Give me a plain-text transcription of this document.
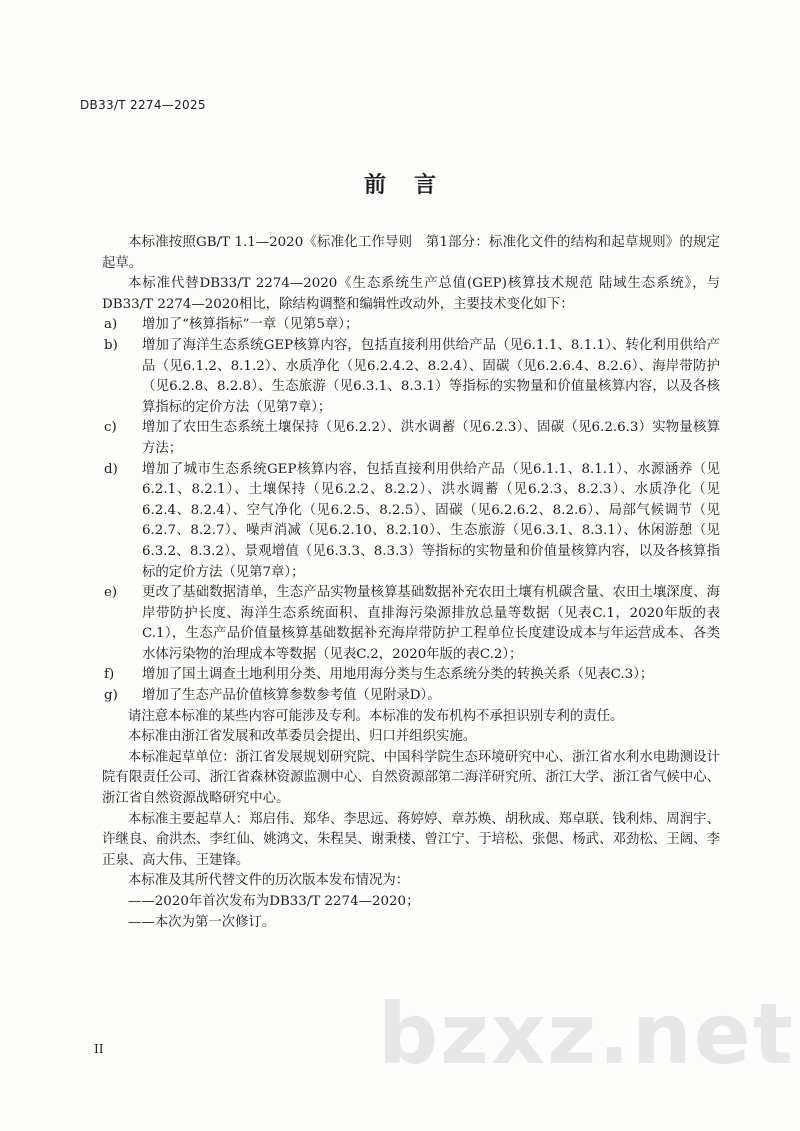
DB33/T 2274—2025
前 言

本标准按照GB/T 1.1—2020《标准化工作导则　第1部分：标准化文件的结构和起草规则》的规定起草。

本标准代替DB33/T 2274—2020《生态系统生产总值(GEP)核算技术规范 陆域生态系统》，与DB33/T 2274—2020相比，除结构调整和编辑性改动外，主要技术变化如下：

a) 增加了“核算指标”一章（见第5章）；
b) 增加了海洋生态系统GEP核算内容，包括直接利用供给产品（见6.1.1、8.1.1）、转化利用供给产品（见6.1.2、8.1.2）、水质净化（见6.2.4.2、8.2.4）、固碳（见6.2.6.4、8.2.6）、海岸带防护（见6.2.8、8.2.8）、生态旅游（见6.3.1、8.3.1）等指标的实物量和价值量核算内容，以及各核算指标的定价方法（见第7章）；
c) 增加了农田生态系统土壤保持（见6.2.2）、洪水调蓄（见6.2.3）、固碳（见6.2.6.3）实物量核算方法；
d) 增加了城市生态系统GEP核算内容，包括直接利用供给产品（见6.1.1、8.1.1）、水源涵养（见6.2.1、8.2.1）、土壤保持（见6.2.2、8.2.2）、洪水调蓄（见6.2.3、8.2.3）、水质净化（见6.2.4、8.2.4）、空气净化（见6.2.5、8.2.5）、固碳（见6.2.6.2、8.2.6）、局部气候调节（见6.2.7、8.2.7）、噪声消减（见6.2.10、8.2.10）、生态旅游（见6.3.1、8.3.1）、休闲游憩（见6.3.2、8.3.2）、景观增值（见6.3.3、8.3.3）等指标的实物量和价值量核算内容，以及各核算指标的定价方法（见第7章）；
e) 更改了基础数据清单，生态产品实物量核算基础数据补充农田土壤有机碳含量、农田土壤深度、海岸带防护长度、海洋生态系统面积、直排海污染源排放总量等数据（见表C.1，2020年版的表C.1），生态产品价值量核算基础数据补充海岸带防护工程单位长度建设成本与年运营成本、各类水体污染物的治理成本等数据（见表C.2，2020年版的表C.2）；
f) 增加了国土调查土地利用分类、用地用海分类与生态系统分类的转换关系（见表C.3）；
g) 增加了生态产品价值核算参数参考值（见附录D）。

请注意本标准的某些内容可能涉及专利。本标准的发布机构不承担识别专利的责任。

本标准由浙江省发展和改革委员会提出、归口并组织实施。

本标准起草单位：浙江省发展规划研究院、中国科学院生态环境研究中心、浙江省水利水电勘测设计院有限责任公司、浙江省森林资源监测中心、自然资源部第二海洋研究所、浙江大学、浙江省气候中心、浙江省自然资源战略研究中心。

本标准主要起草人：郑启伟、郑华、李思远、蒋婷婷、章苏焕、胡秋成、郑卓联、钱利炜、周润宇、许继良、俞洪杰、李红仙、姚鸿文、朱程昊、谢秉楼、曾江宁、于培松、张偲、杨武、邓劲松、王阔、李正泉、高大伟、王建锋。

本标准及其所代替文件的历次版本发布情况为：

——2020年首次发布为DB33/T 2274—2020；

——本次为第一次修订。

bzxz.net
II
